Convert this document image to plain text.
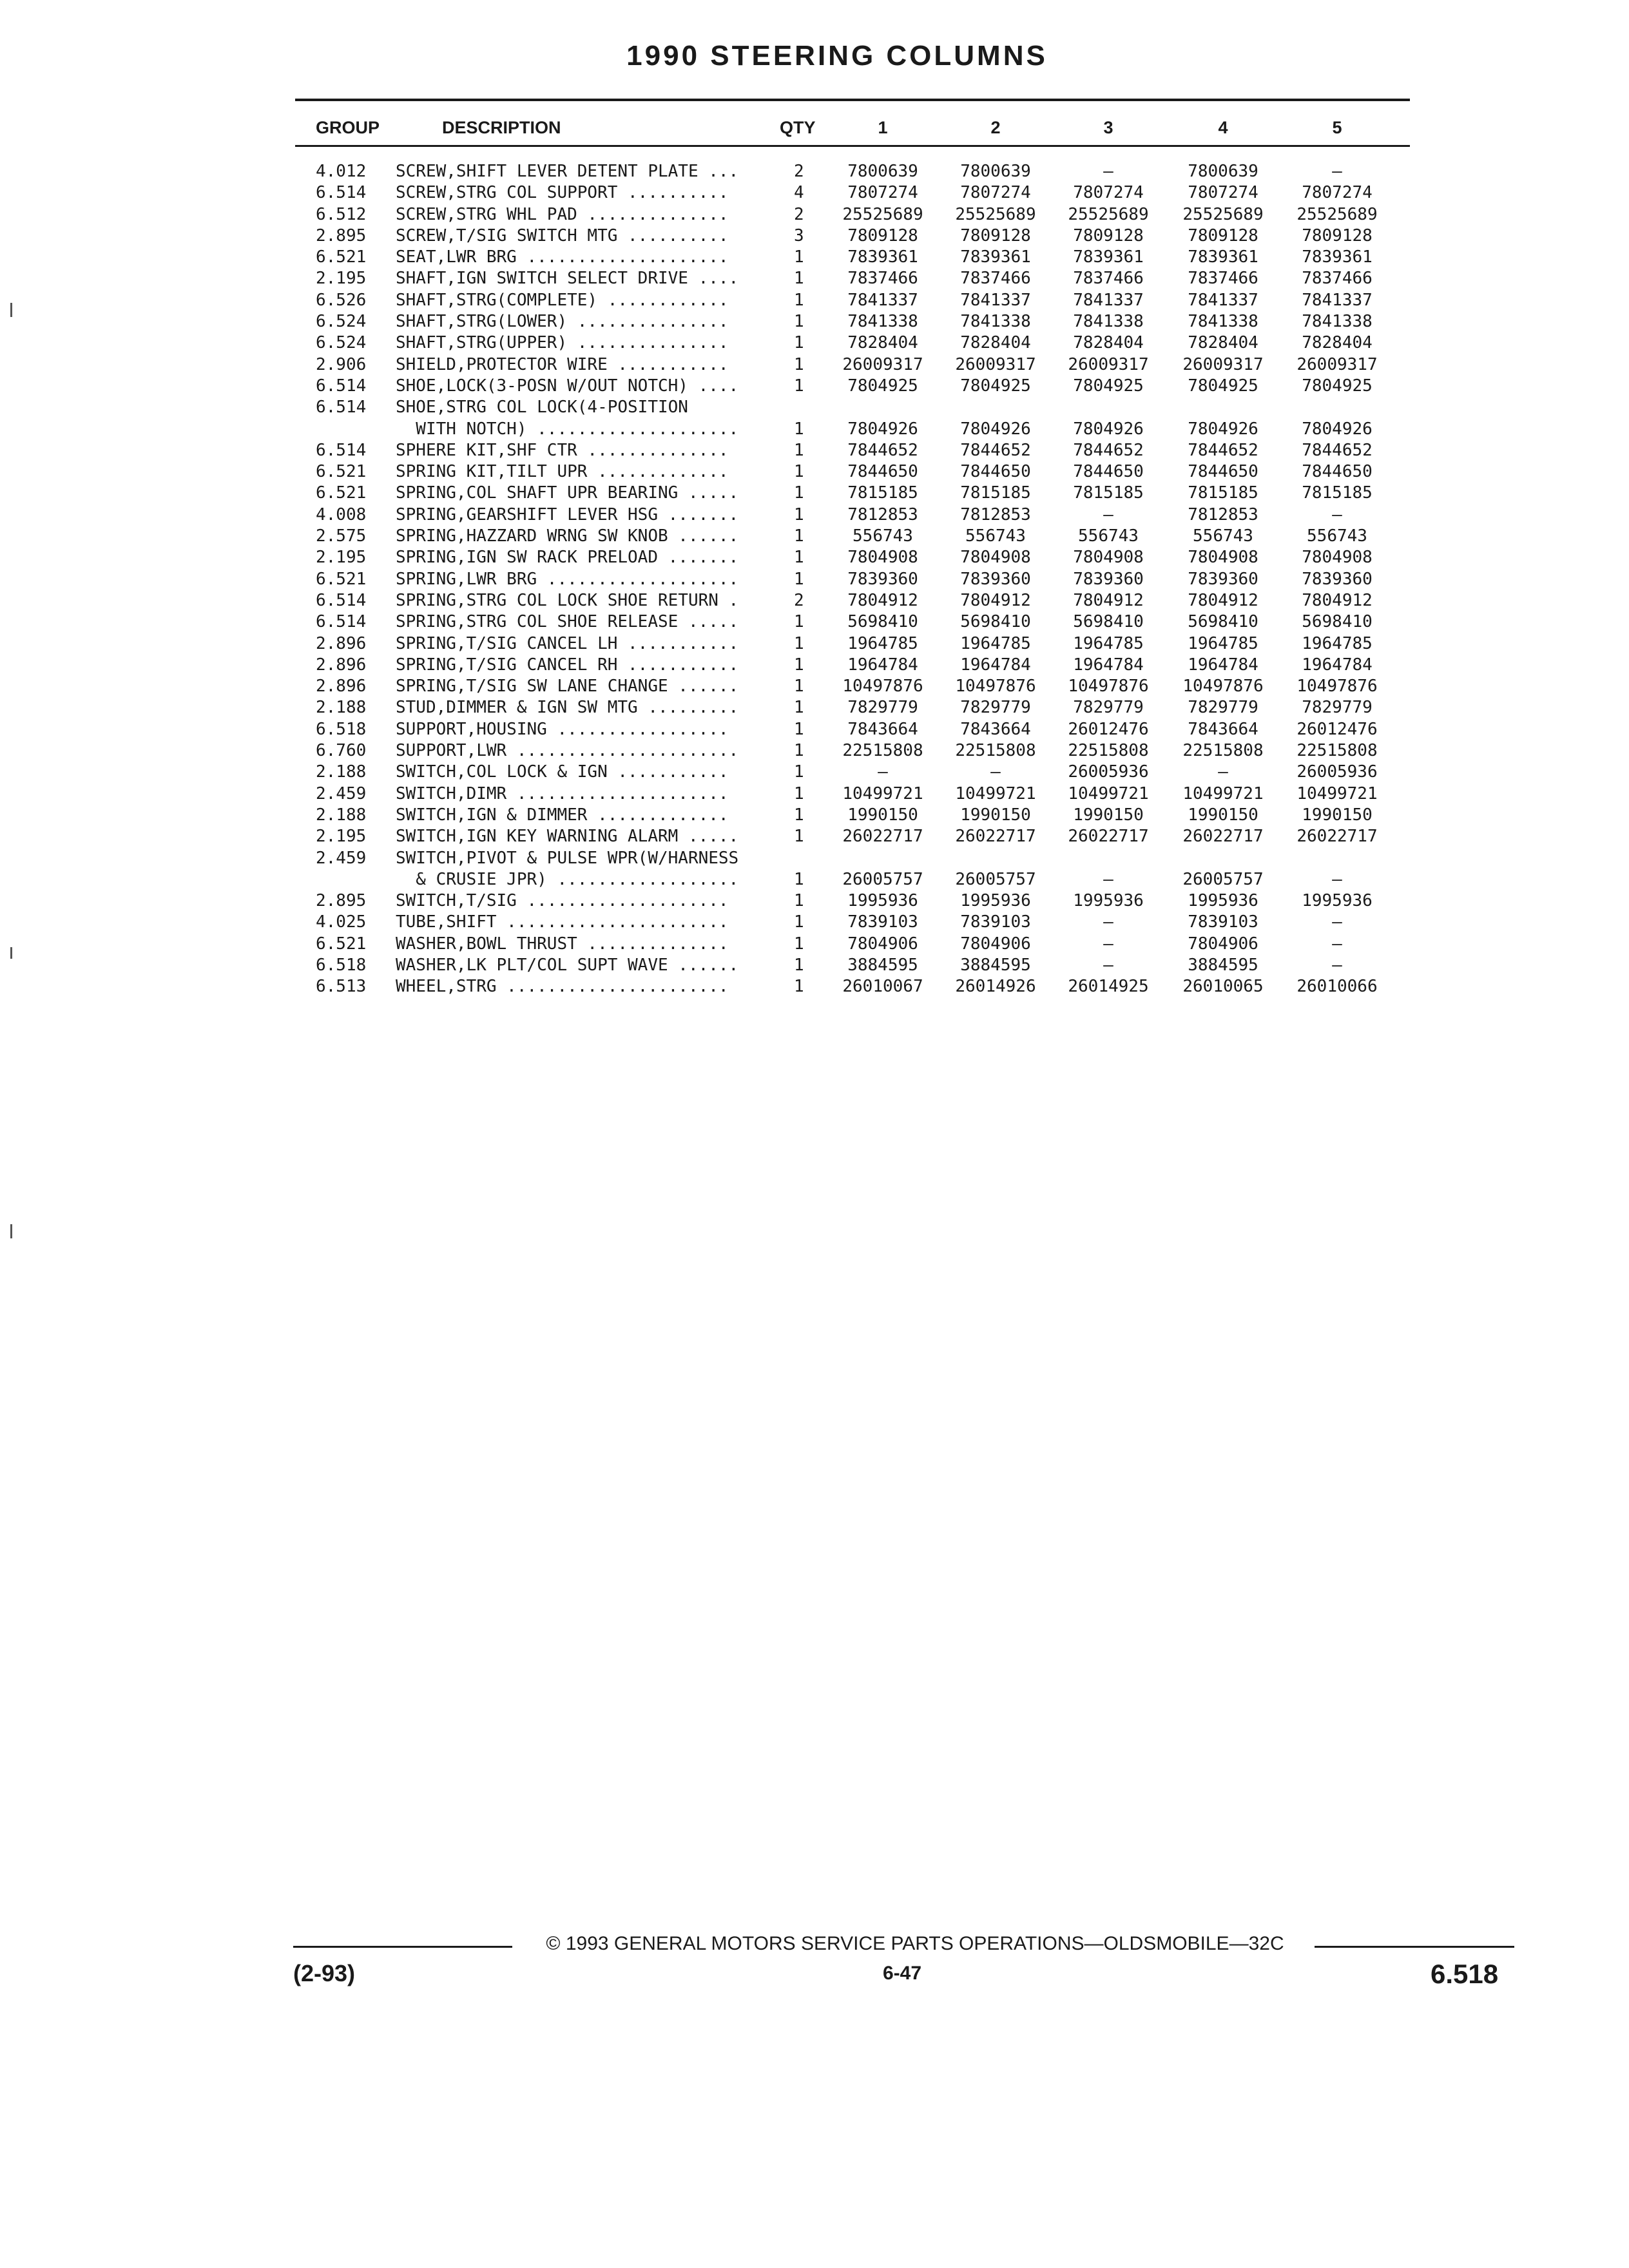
1990 STEERING COLUMNS
GROUP	DESCRIPTION	QTY	1	2	3	4	5
4.012 SCREW,SHIFT LEVER DETENT PLATE ...	2	7800639	7800639	—	7800639	—
6.514 SCREW,STRG COL SUPPORT ..........	4	7807274	7807274	7807274	7807274	7807274
6.512 SCREW,STRG WHL PAD ..............	2	25525689	25525689	25525689	25525689	25525689
2.895 SCREW,T/SIG SWITCH MTG ..........	3	7809128	7809128	7809128	7809128	7809128
6.521 SEAT,LWR BRG ....................	1	7839361	7839361	7839361	7839361	7839361
2.195 SHAFT,IGN SWITCH SELECT DRIVE ....	1	7837466	7837466	7837466	7837466	7837466
6.526 SHAFT,STRG(COMPLETE) ............	1	7841337	7841337	7841337	7841337	7841337
6.524 SHAFT,STRG(LOWER) ...............	1	7841338	7841338	7841338	7841338	7841338
6.524 SHAFT,STRG(UPPER) ...............	1	7828404	7828404	7828404	7828404	7828404
2.906 SHIELD,PROTECTOR WIRE ...........	1	26009317	26009317	26009317	26009317	26009317
6.514 SHOE,LOCK(3-POSN W/OUT NOTCH) ....	1	7804925	7804925	7804925	7804925	7804925
6.514 SHOE,STRG COL LOCK(4-POSITION
WITH NOTCH) ....................	1	7804926	7804926	7804926	7804926	7804926
6.514 SPHERE KIT,SHF CTR ..............	1	7844652	7844652	7844652	7844652	7844652
6.521 SPRING KIT,TILT UPR .............	1	7844650	7844650	7844650	7844650	7844650
6.521 SPRING,COL SHAFT UPR BEARING .....	1	7815185	7815185	7815185	7815185	7815185
4.008 SPRING,GEARSHIFT LEVER HSG .......	1	7812853	7812853	—	7812853	—
2.575 SPRING,HAZZARD WRNG SW KNOB ......	1	556743	556743	556743	556743	556743
2.195 SPRING,IGN SW RACK PRELOAD .......	1	7804908	7804908	7804908	7804908	7804908
6.521 SPRING,LWR BRG ...................	1	7839360	7839360	7839360	7839360	7839360
6.514 SPRING,STRG COL LOCK SHOE RETURN .	2	7804912	7804912	7804912	7804912	7804912
6.514 SPRING,STRG COL SHOE RELEASE .....	1	5698410	5698410	5698410	5698410	5698410
2.896 SPRING,T/SIG CANCEL LH ...........	1	1964785	1964785	1964785	1964785	1964785
2.896 SPRING,T/SIG CANCEL RH ...........	1	1964784	1964784	1964784	1964784	1964784
2.896 SPRING,T/SIG SW LANE CHANGE ......	1	10497876	10497876	10497876	10497876	10497876
2.188 STUD,DIMMER & IGN SW MTG .........	1	7829779	7829779	7829779	7829779	7829779
6.518 SUPPORT,HOUSING .................	1	7843664	7843664	26012476	7843664	26012476
6.760 SUPPORT,LWR ......................	1	22515808	22515808	22515808	22515808	22515808
2.188 SWITCH,COL LOCK & IGN ...........	1	—	—	26005936	—	26005936
2.459 SWITCH,DIMR .....................	1	10499721	10499721	10499721	10499721	10499721
2.188 SWITCH,IGN & DIMMER .............	1	1990150	1990150	1990150	1990150	1990150
2.195 SWITCH,IGN KEY WARNING ALARM .....	1	26022717	26022717	26022717	26022717	26022717
2.459 SWITCH,PIVOT & PULSE WPR(W/HARNESS
& CRUSIE JPR) ..................	1	26005757	26005757	—	26005757	—
2.895 SWITCH,T/SIG ....................	1	1995936	1995936	1995936	1995936	1995936
4.025 TUBE,SHIFT ......................	1	7839103	7839103	—	7839103	—
6.521 WASHER,BOWL THRUST ..............	1	7804906	7804906	—	7804906	—
6.518 WASHER,LK PLT/COL SUPT WAVE ......	1	3884595	3884595	—	3884595	—
6.513 WHEEL,STRG ......................	1	26010067	26014926	26014925	26010065	26010066
© 1993 GENERAL MOTORS SERVICE PARTS OPERATIONS—OLDSMOBILE—32C
(2-93)	6-47	6.518
